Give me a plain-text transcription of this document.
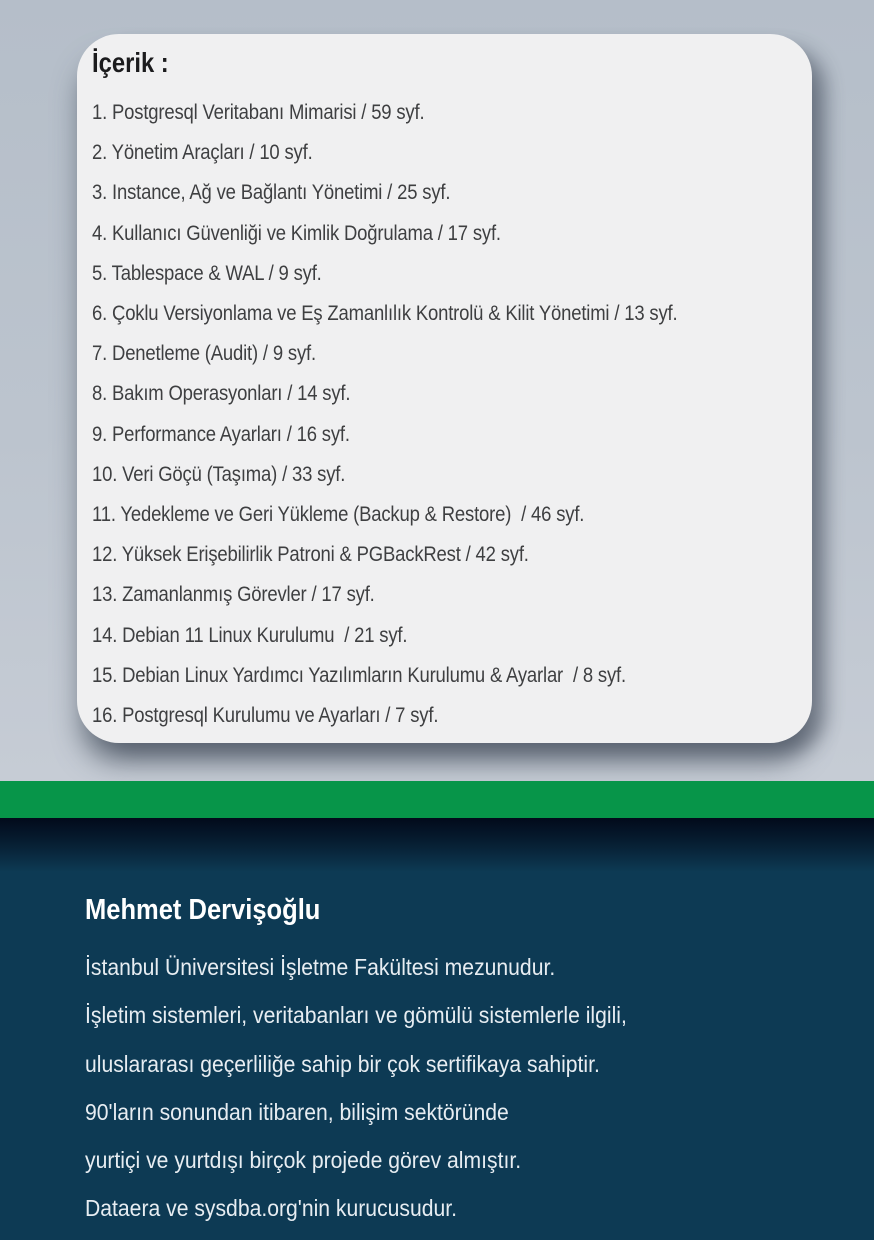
İçerik :
1. Postgresql Veritabanı Mimarisi / 59 syf.
2. Yönetim Araçları / 10 syf.
3. Instance, Ağ ve Bağlantı Yönetimi / 25 syf.
4. Kullanıcı Güvenliği ve Kimlik Doğrulama / 17 syf.
5. Tablespace & WAL / 9 syf.
6. Çoklu Versiyonlama ve Eş Zamanlılık Kontrolü & Kilit Yönetimi / 13 syf.
7. Denetleme (Audit) / 9 syf.
8. Bakım Operasyonları / 14 syf.
9. Performance Ayarları / 16 syf.
10. Veri Göçü (Taşıma) / 33 syf.
11. Yedekleme ve Geri Yükleme (Backup & Restore)  / 46 syf.
12. Yüksek Erişebilirlik Patroni & PGBackRest / 42 syf.
13. Zamanlanmış Görevler / 17 syf.
14. Debian 11 Linux Kurulumu  / 21 syf.
15. Debian Linux Yardımcı Yazılımların Kurulumu & Ayarlar  / 8 syf.
16. Postgresql Kurulumu ve Ayarları / 7 syf.
Mehmet Dervişoğlu
İstanbul Üniversitesi İşletme Fakültesi mezunudur.
İşletim sistemleri, veritabanları ve gömülü sistemlerle ilgili,
uluslararası geçerliliğe sahip bir çok sertifikaya sahiptir.
90'ların sonundan itibaren, bilişim sektöründe
yurtiçi ve yurtdışı birçok projede görev almıştır.
Dataera ve sysdba.org'nin kurucusudur.
